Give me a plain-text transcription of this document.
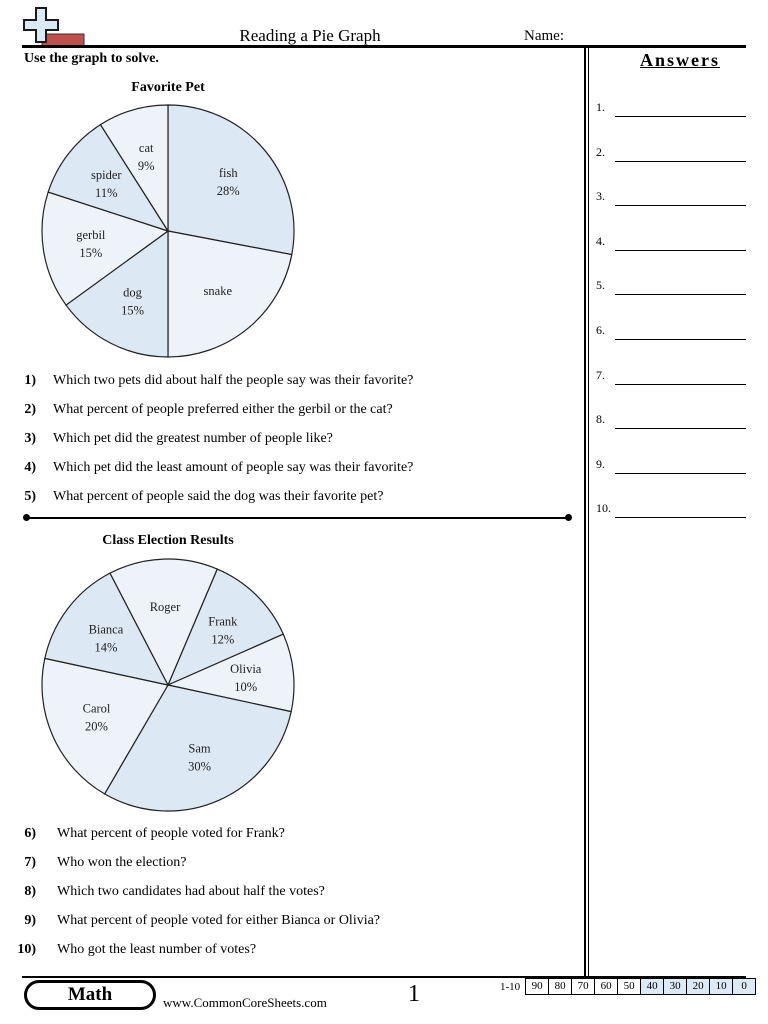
Reading a Pie Graph	Name:
Use the graph to solve.
Favorite Pet
fish
28%
snake
dog
15%
gerbil
15%
spider
11%
cat
9%
1) Which two pets did about half the people say was their favorite?
2) What percent of people preferred either the gerbil or the cat?
3) Which pet did the greatest number of people like?
4) Which pet did the least amount of people say was their favorite?
5) What percent of people said the dog was their favorite pet?
Class Election Results
Frank
12%
Olivia
10%
Sam
30%
Carol
20%
Bianca
14%
Roger
6) What percent of people voted for Frank?
7) Who won the election?
8) Which two candidates had about half the votes?
9) What percent of people voted for either Bianca or Olivia?
10) Who got the least number of votes?
Answers
1.
2.
3.
4.
5.
6.
7.
8.
9.
10.
Math	www.CommonCoreSheets.com	1	1-10	90	80	70	60	50	40	30	20	10	0
